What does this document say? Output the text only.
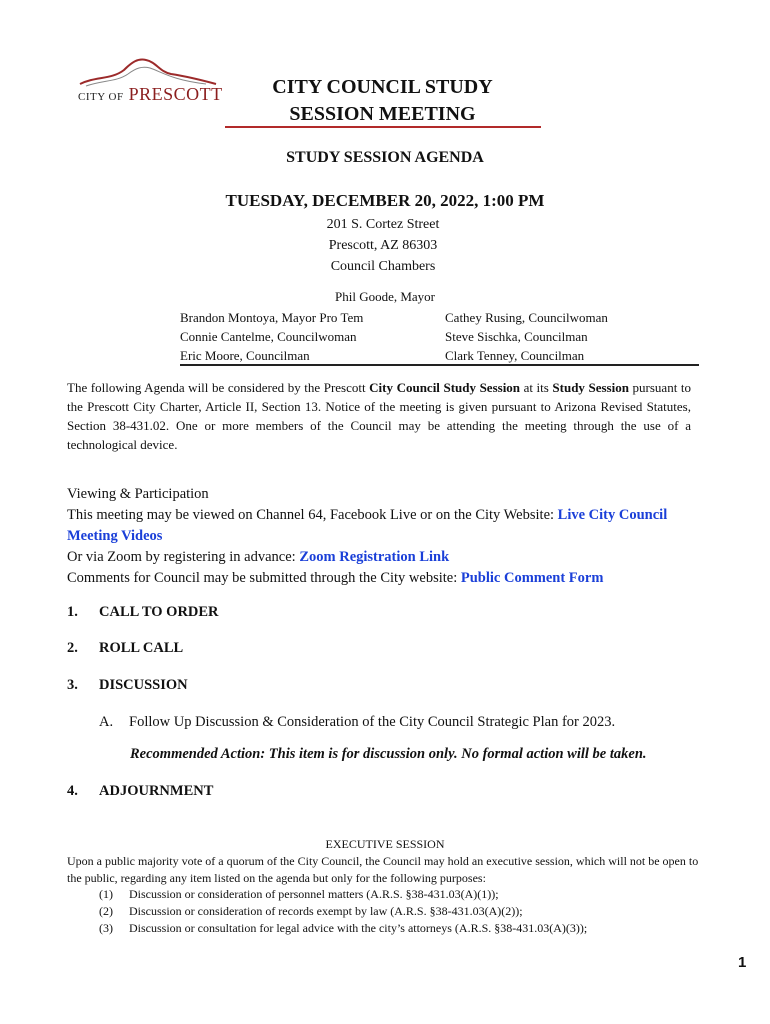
CITY OF PRESCOTT	CITY COUNCIL STUDY
SESSION MEETING
STUDY SESSION AGENDA
TUESDAY, DECEMBER 20, 2022, 1:00 PM
201 S. Cortez Street
Prescott, AZ 86303
Council Chambers
Phil Goode, Mayor
Brandon Montoya, Mayor Pro Tem
Connie Cantelme, Councilwoman
Eric Moore, Councilman
Cathey Rusing, Councilwoman
Steve Sischka, Councilman
Clark Tenney, Councilman
The following Agenda will be considered by the Prescott City Council Study Session at its Study Session pursuant to the Prescott City Charter, Article II, Section 13. Notice of the meeting is given pursuant to Arizona Revised Statutes, Section 38-431.02. One or more members of the Council may be attending the meeting through the use of a technological device.
Viewing & Participation
This meeting may be viewed on Channel 64, Facebook Live or on the City Website: Live City Council Meeting Videos
Or via Zoom by registering in advance: Zoom Registration Link
Comments for Council may be submitted through the City website: Public Comment Form
1. CALL TO ORDER
2. ROLL CALL
3. DISCUSSION
A. Follow Up Discussion & Consideration of the City Council Strategic Plan for 2023.
Recommended Action: This item is for discussion only. No formal action will be taken.
4. ADJOURNMENT
EXECUTIVE SESSION
Upon a public majority vote of a quorum of the City Council, the Council may hold an executive session, which will not be open to the public, regarding any item listed on the agenda but only for the following purposes:
(1) Discussion or consideration of personnel matters (A.R.S. §38-431.03(A)(1));
(2) Discussion or consideration of records exempt by law (A.R.S. §38-431.03(A)(2));
(3) Discussion or consultation for legal advice with the city’s attorneys (A.R.S. §38-431.03(A)(3));
1
